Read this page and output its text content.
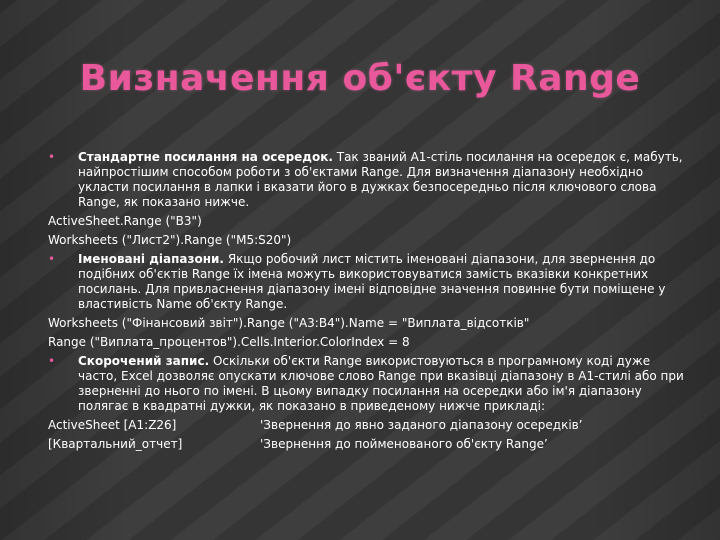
Визначення об'єкту Range
• Стандартне посилання на осередок. Так званий А1-стіль посилання на осередок є, мабуть, найпростішим способом роботи з об'єктами Range. Для визначення діапазону необхідно укласти посилання в лапки і вказати його в дужках безпосередньо після ключового слова Range, як показано нижче.
ActiveSheet.Range ("B3")
Worksheets ("Лист2").Range ("M5:S20")
• Іменовані діапазони. Якщо робочий лист містить іменовані діапазони, для звернення до подібних об'єктів Range їх імена можуть використовуватися замість вказівки конкретних посилань. Для привласнення діапазону імені відповідне значення повинне бути поміщене у властивість Name об'єкту Range.
Worksheets ("Фінансовий звіт").Range ("A3:B4").Name = "Виплата_відсотків"
Range ("Виплата_процентов").Cells.Interior.ColorIndex = 8
• Скорочений запис. Оскільки об'єкти Range використовуються в програмному коді дуже часто, Excel дозволяє опускати ключове слово Range при вказівці діапазону в А1-стилі або при зверненні до нього по імені. В цьому випадку посилання на осередки або ім'я діапазону полягає в квадратні дужки, як показано в приведеному нижче прикладі:
ActiveSheet [A1:Z26]	'Звернення до явно заданого діапазону осередків’
[Квартальний_отчет]	'Звернення до пойменованого об'єкту Range’
